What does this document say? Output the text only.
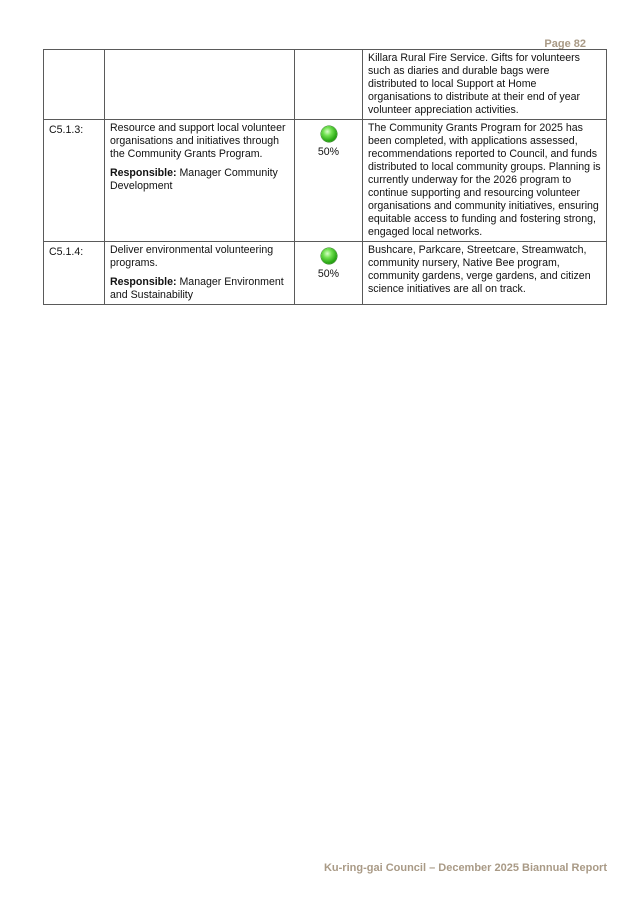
Page 82

			Killara Rural Fire Service. Gifts for volunteers such as diaries and durable bags were distributed to local Support at Home organisations to distribute at their end of year volunteer appreciation activities.

C5.1.3:	Resource and support local volunteer organisations and initiatives through the Community Grants Program.

Responsible: Manager Community Development	50%	The Community Grants Program for 2025 has been completed, with applications assessed, recommendations reported to Council, and funds distributed to local community groups. Planning is currently underway for the 2026 program to continue supporting and resourcing volunteer organisations and community initiatives, ensuring equitable access to funding and fostering strong, engaged local networks.

C5.1.4:	Deliver environmental volunteering programs.

Responsible: Manager Environment and Sustainability	50%	Bushcare, Parkcare, Streetcare, Streamwatch, community nursery, Native Bee program, community gardens, verge gardens, and citizen science initiatives are all on track.

Ku-ring-gai Council – December 2025 Biannual Report
